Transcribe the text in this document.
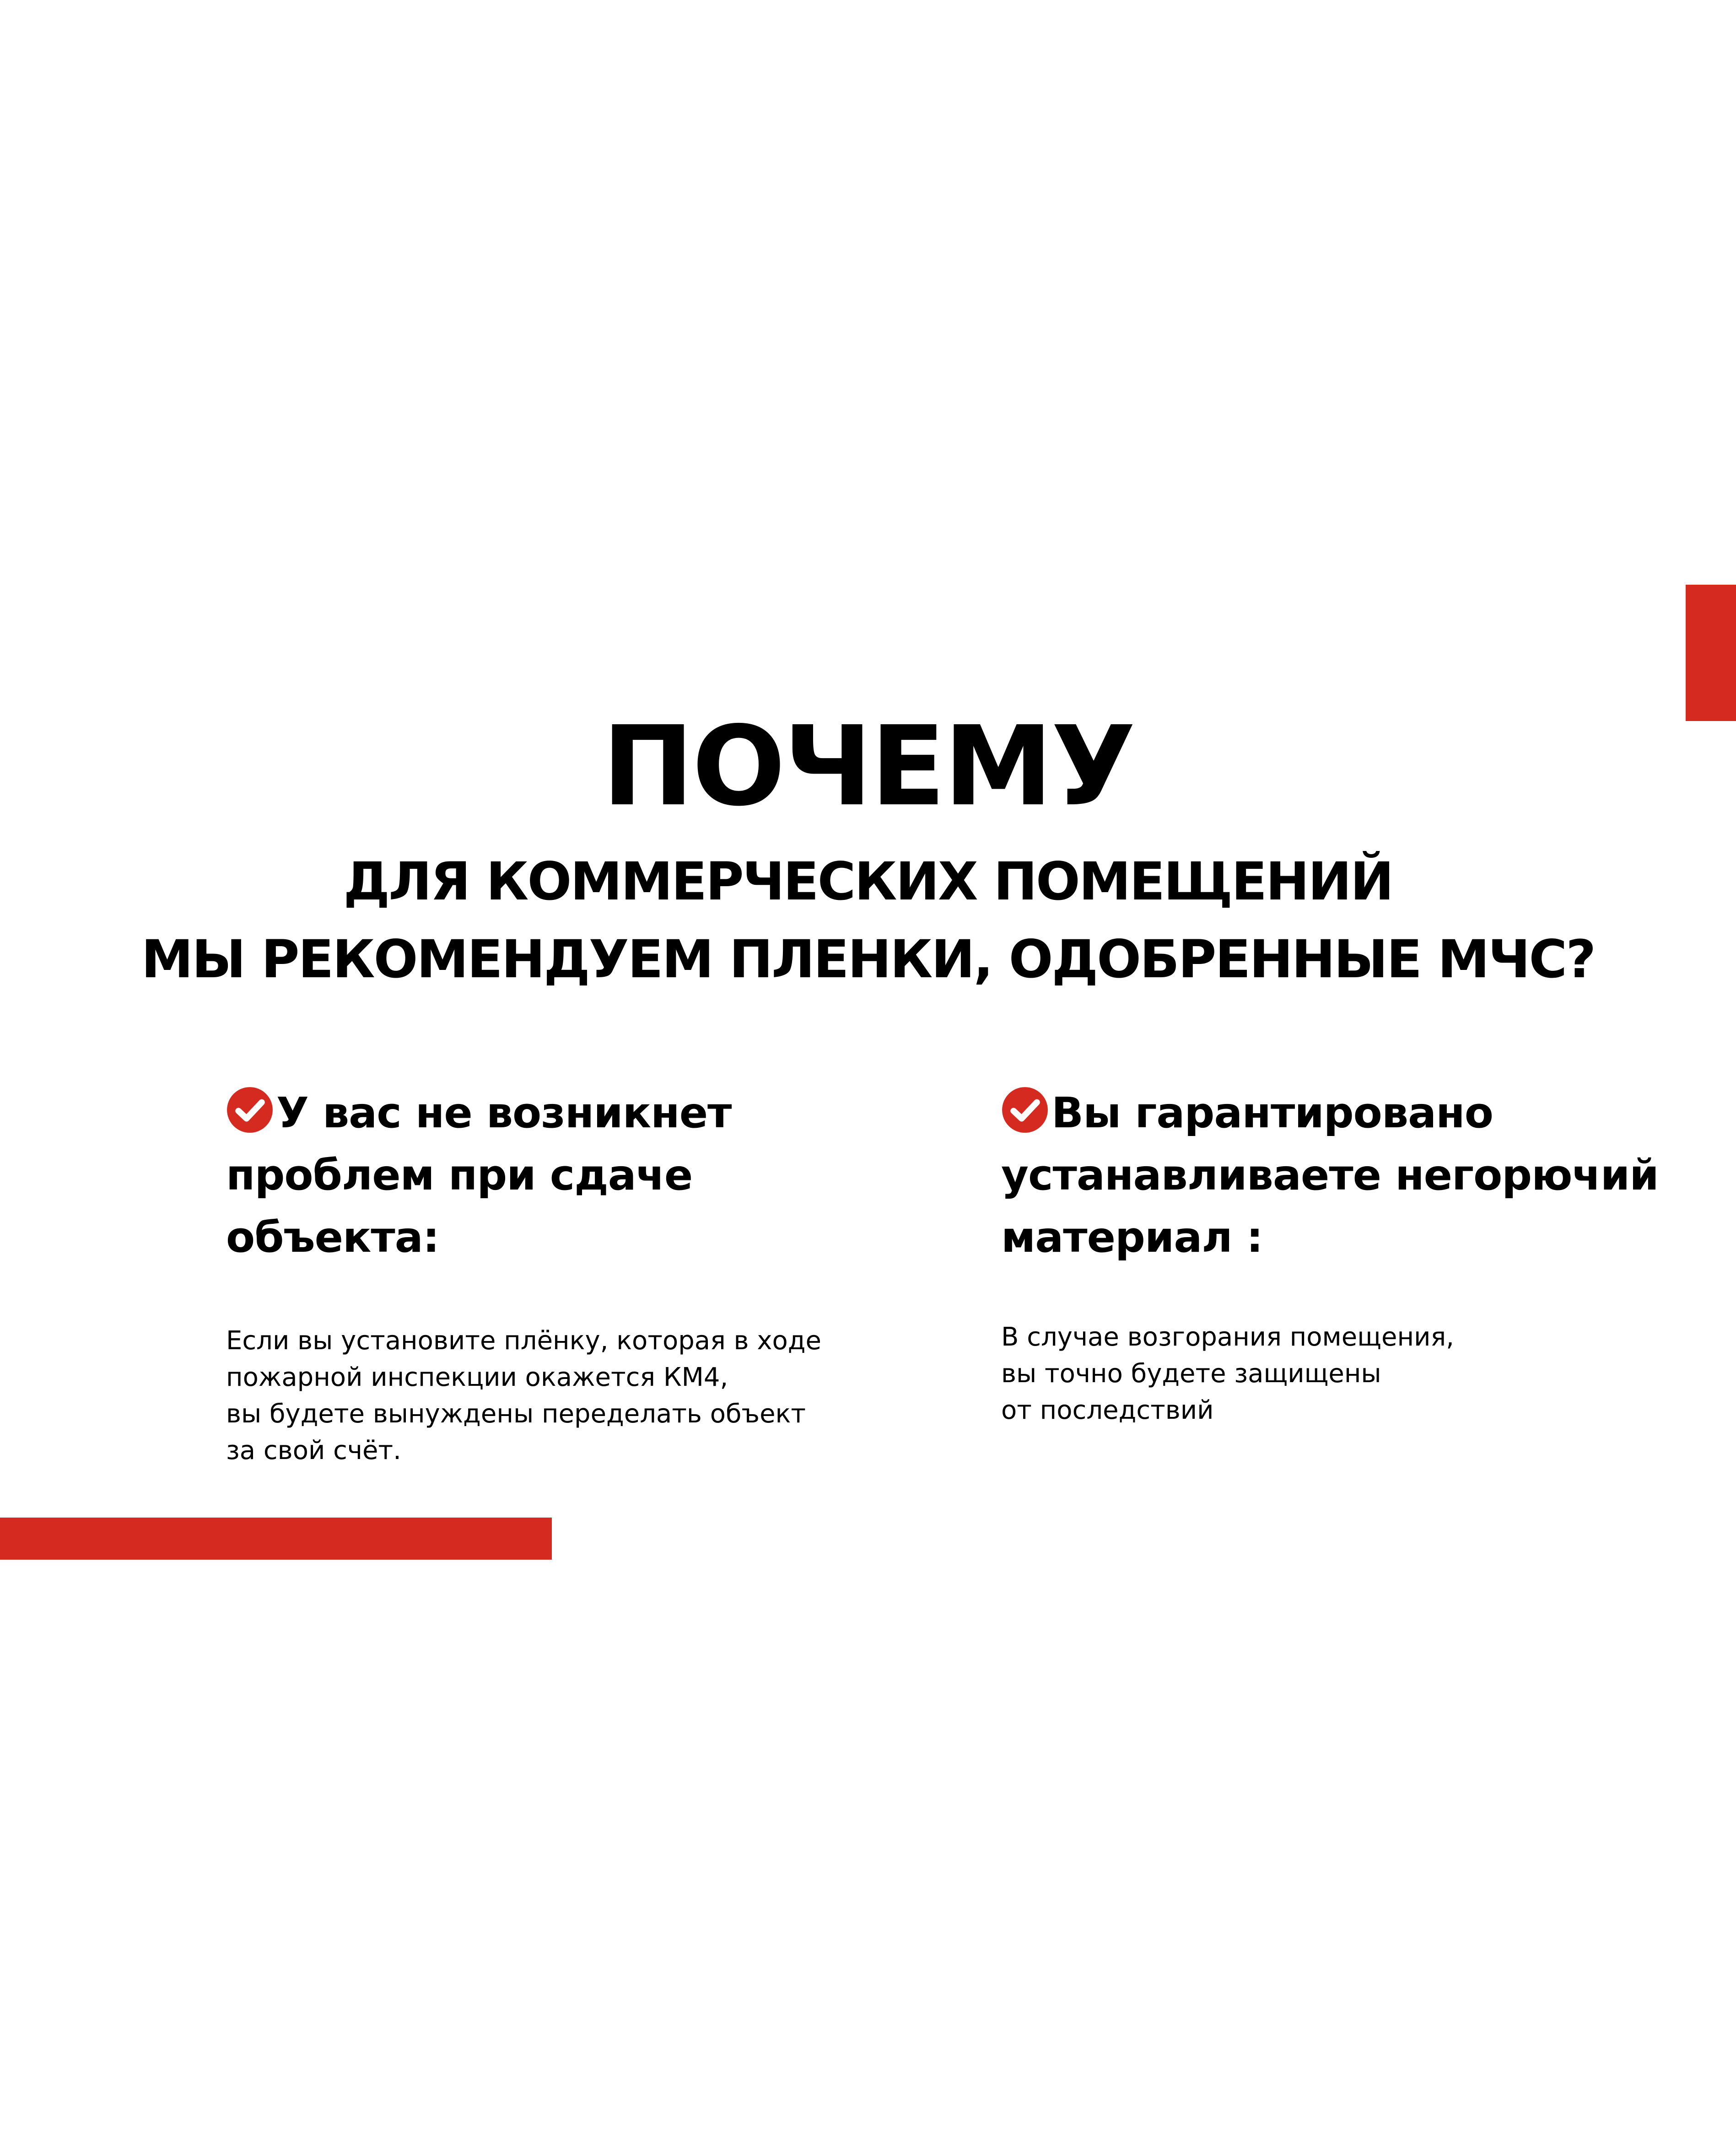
ПОЧЕМУ
ДЛЯ КОММЕРЧЕСКИХ ПОМЕЩЕНИЙ
МЫ РЕКОМЕНДУЕМ ПЛЕНКИ, ОДОБРЕННЫЕ МЧС?

У вас не возникнет
проблем при сдаче объекта:

Если вы установите плёнку, которая в ходе
пожарной инспекции окажется КМ4,
вы будете вынуждены переделать объект
за свой счёт.

Вы гарантировано
устанавливаете негорючий
материал :

В случае возгорания помещения,
вы точно будете защищены
от последствий
